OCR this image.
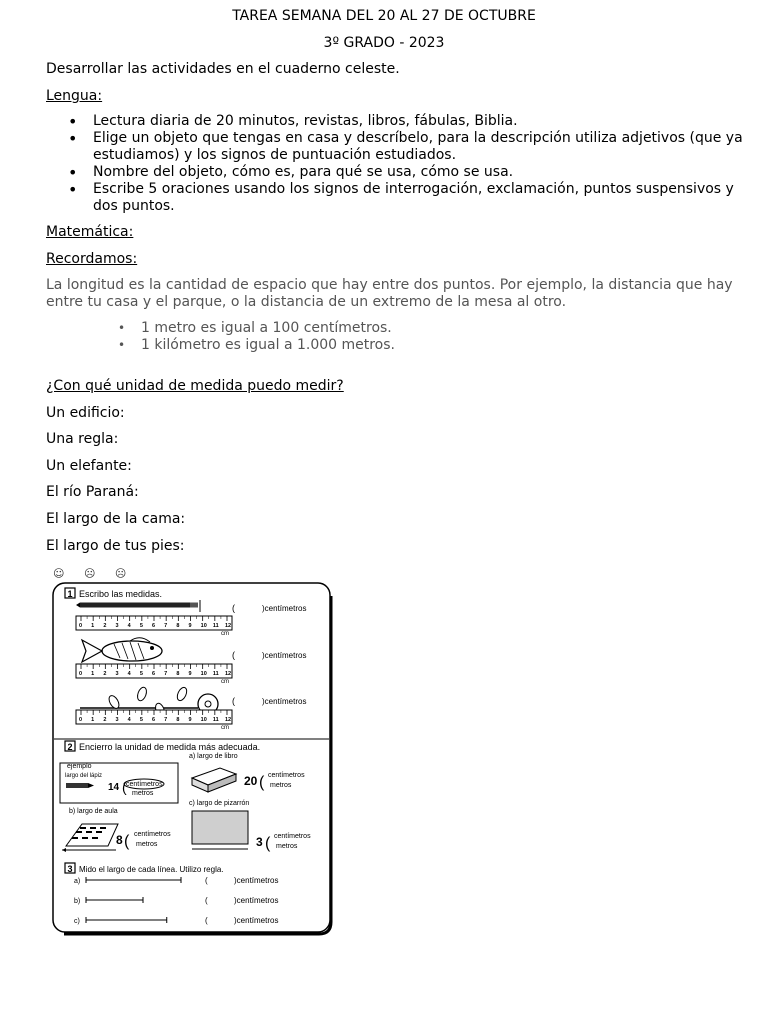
TAREA SEMANA DEL 20 AL 27 DE OCTUBRE
3º GRADO - 2023
Desarrollar las actividades en el cuaderno celeste.
Lengua:
• Lectura diaria de 20 minutos, revistas, libros, fábulas, Biblia.
• Elige un objeto que tengas en casa y descríbelo, para la descripción utiliza adjetivos (que ya estudiamos) y los signos de puntuación estudiados.
• Nombre del objeto, cómo es, para qué se usa, cómo se usa.
• Escribe 5 oraciones usando los signos de interrogación, exclamación, puntos suspensivos y dos puntos.
Matemática:
Recordamos:
La longitud es la cantidad de espacio que hay entre dos puntos. Por ejemplo, la distancia que hay entre tu casa y el parque, o la distancia de un extremo de la mesa al otro.
• 1 metro es igual a 100 centímetros.
• 1 kilómetro es igual a 1.000 metros.
¿Con qué unidad de medida puedo medir?
Un edificio:
Una regla:
Un elefante:
El río Paraná:
El largo de la cama:
El largo de tus pies:
☺ ☹ ☹
1 Escribo las medidas.
(	)centímetros
0 1 2 3 4 5 6 7 8 9 10 11 12
cm
(	)centímetros
0 1 2 3 4 5 6 7 8 9 10 11 12
cm
(	)centímetros
0 1 2 3 4 5 6 7 8 9 10 11 12
cm
2 Encierro la unidad de medida más adecuada.
ejemplo
largo del lápiz
14 ( centímetros
metros
a) largo de libro
20 ( centímetros
metros
b) largo de aula
8 ( centímetros
metros
c) largo de pizarrón
3 ( centímetros
metros
3 Mido el largo de cada línea. Utilizo regla.
a)	(	)centímetros
b)	(	)centímetros
c)	(	)centímetros
